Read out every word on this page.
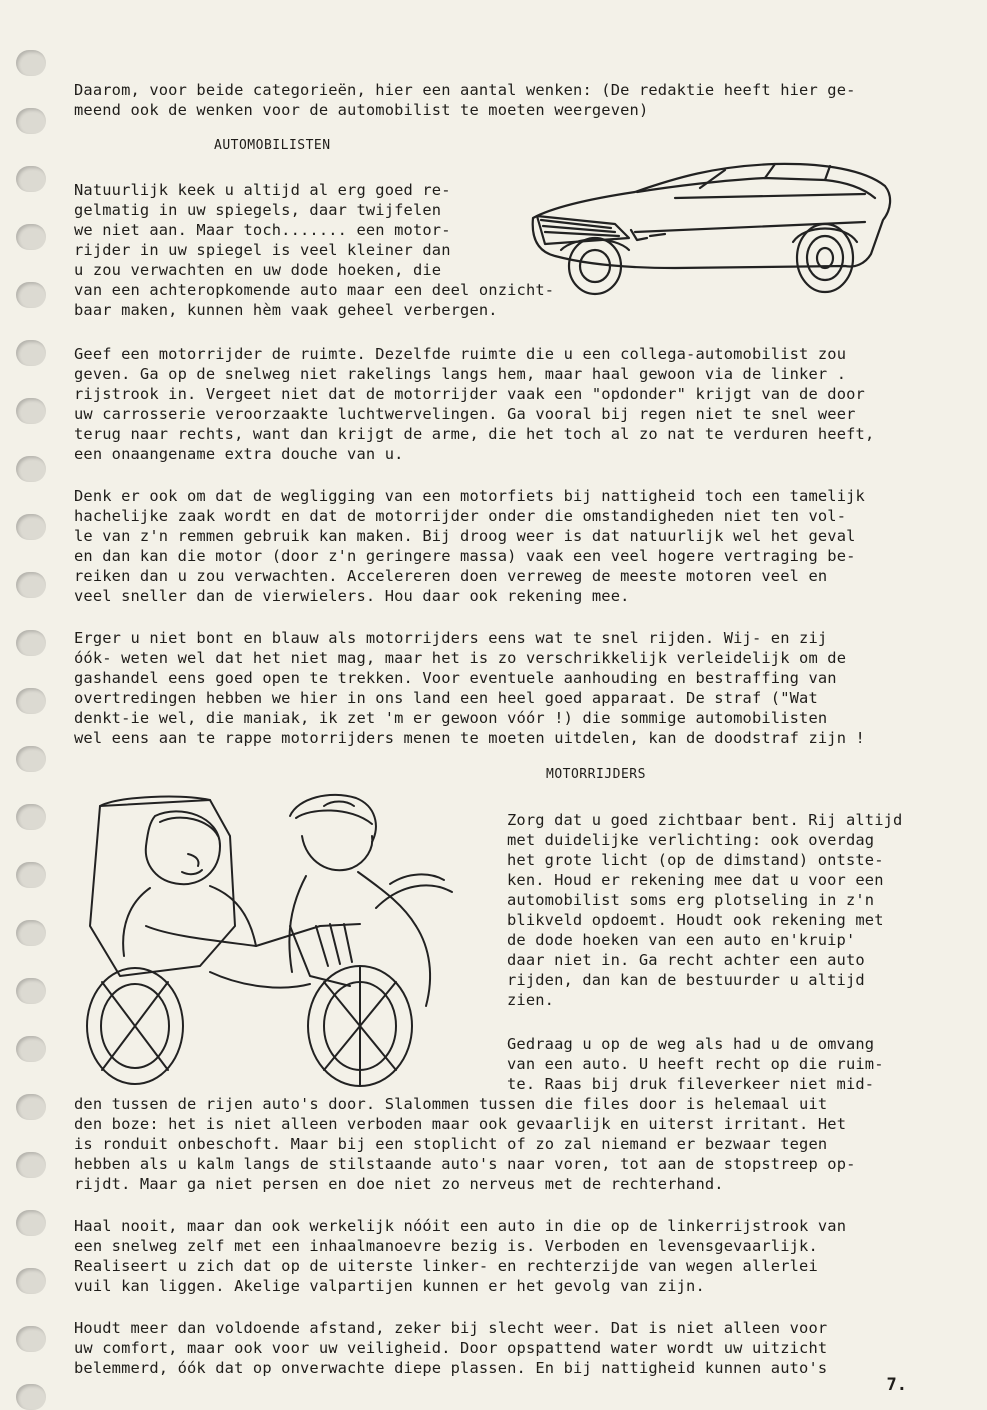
Daarom, voor beide categorieën, hier een aantal wenken: (De redaktie heeft hier ge-
meend ook de wenken voor de automobilist te moeten weergeven)
AUTOMOBILISTEN
Natuurlijk keek u altijd al erg goed re-
gelmatig in uw spiegels, daar twijfelen
we niet aan. Maar toch....... een motor-
rijder in uw spiegel is veel kleiner dan
u zou verwachten en uw dode hoeken, die
van een achteropkomende auto maar een deel onzicht-
baar maken, kunnen hèm vaak geheel verbergen.
Geef een motorrijder de ruimte. Dezelfde ruimte die u een collega-automobilist zou
geven. Ga op de snelweg niet rakelings langs hem, maar haal gewoon via de linker .
rijstrook in. Vergeet niet dat de motorrijder vaak een "opdonder" krijgt van de door
uw carrosserie veroorzaakte luchtwervelingen. Ga vooral bij regen niet te snel weer
terug naar rechts, want dan krijgt de arme, die het toch al zo nat te verduren heeft,
een onaangename extra douche van u.
Denk er ook om dat de wegligging van een motorfiets bij nattigheid toch een tamelijk
hachelijke zaak wordt en dat de motorrijder onder die omstandigheden niet ten vol-
le van z'n remmen gebruik kan maken. Bij droog weer is dat natuurlijk wel het geval
en dan kan die motor (door z'n geringere massa) vaak een veel hogere vertraging be-
reiken dan u zou verwachten. Accelereren doen verreweg de meeste motoren veel en
veel sneller dan de vierwielers. Hou daar ook rekening mee.
Erger u niet bont en blauw als motorrijders eens wat te snel rijden. Wij- en zij
óók- weten wel dat het niet mag, maar het is zo verschrikkelijk verleidelijk om de
gashandel eens goed open te trekken. Voor eventuele aanhouding en bestraffing van
overtredingen hebben we hier in ons land een heel goed apparaat. De straf ("Wat
denkt-ie wel, die maniak, ik zet 'm er gewoon vóór !) die sommige automobilisten
wel eens aan te rappe motorrijders menen te moeten uitdelen, kan de doodstraf zijn !
MOTORRIJDERS
Zorg dat u goed zichtbaar bent. Rij altijd
met duidelijke verlichting: ook overdag
het grote licht (op de dimstand) ontste-
ken. Houd er rekening mee dat u voor een
automobilist soms erg plotseling in z'n
blikveld opdoemt. Houdt ook rekening met
de dode hoeken van een auto en'kruip'
daar niet in. Ga recht achter een auto
rijden, dan kan de bestuurder u altijd
zien.
Gedraag u op de weg als had u de omvang
van een auto. U heeft recht op die ruim-
te. Raas bij druk fileverkeer niet mid-
den tussen de rijen auto's door. Slalommen tussen die files door is helemaal uit
den boze: het is niet alleen verboden maar ook gevaarlijk en uiterst irritant. Het
is ronduit onbeschoft. Maar bij een stoplicht of zo zal niemand er bezwaar tegen
hebben als u kalm langs de stilstaande auto's naar voren, tot aan de stopstreep op-
rijdt. Maar ga niet persen en doe niet zo nerveus met de rechterhand.
Haal nooit, maar dan ook werkelijk nóóit een auto in die op de linkerrijstrook van
een snelweg zelf met een inhaalmanoevre bezig is. Verboden en levensgevaarlijk.
Realiseert u zich dat op de uiterste linker- en rechterzijde van wegen allerlei
vuil kan liggen. Akelige valpartijen kunnen er het gevolg van zijn.
Houdt meer dan voldoende afstand, zeker bij slecht weer. Dat is niet alleen voor
uw comfort, maar ook voor uw veiligheid. Door opspattend water wordt uw uitzicht
belemmerd, óók dat op onverwachte diepe plassen. En bij nattigheid kunnen auto's
7.
